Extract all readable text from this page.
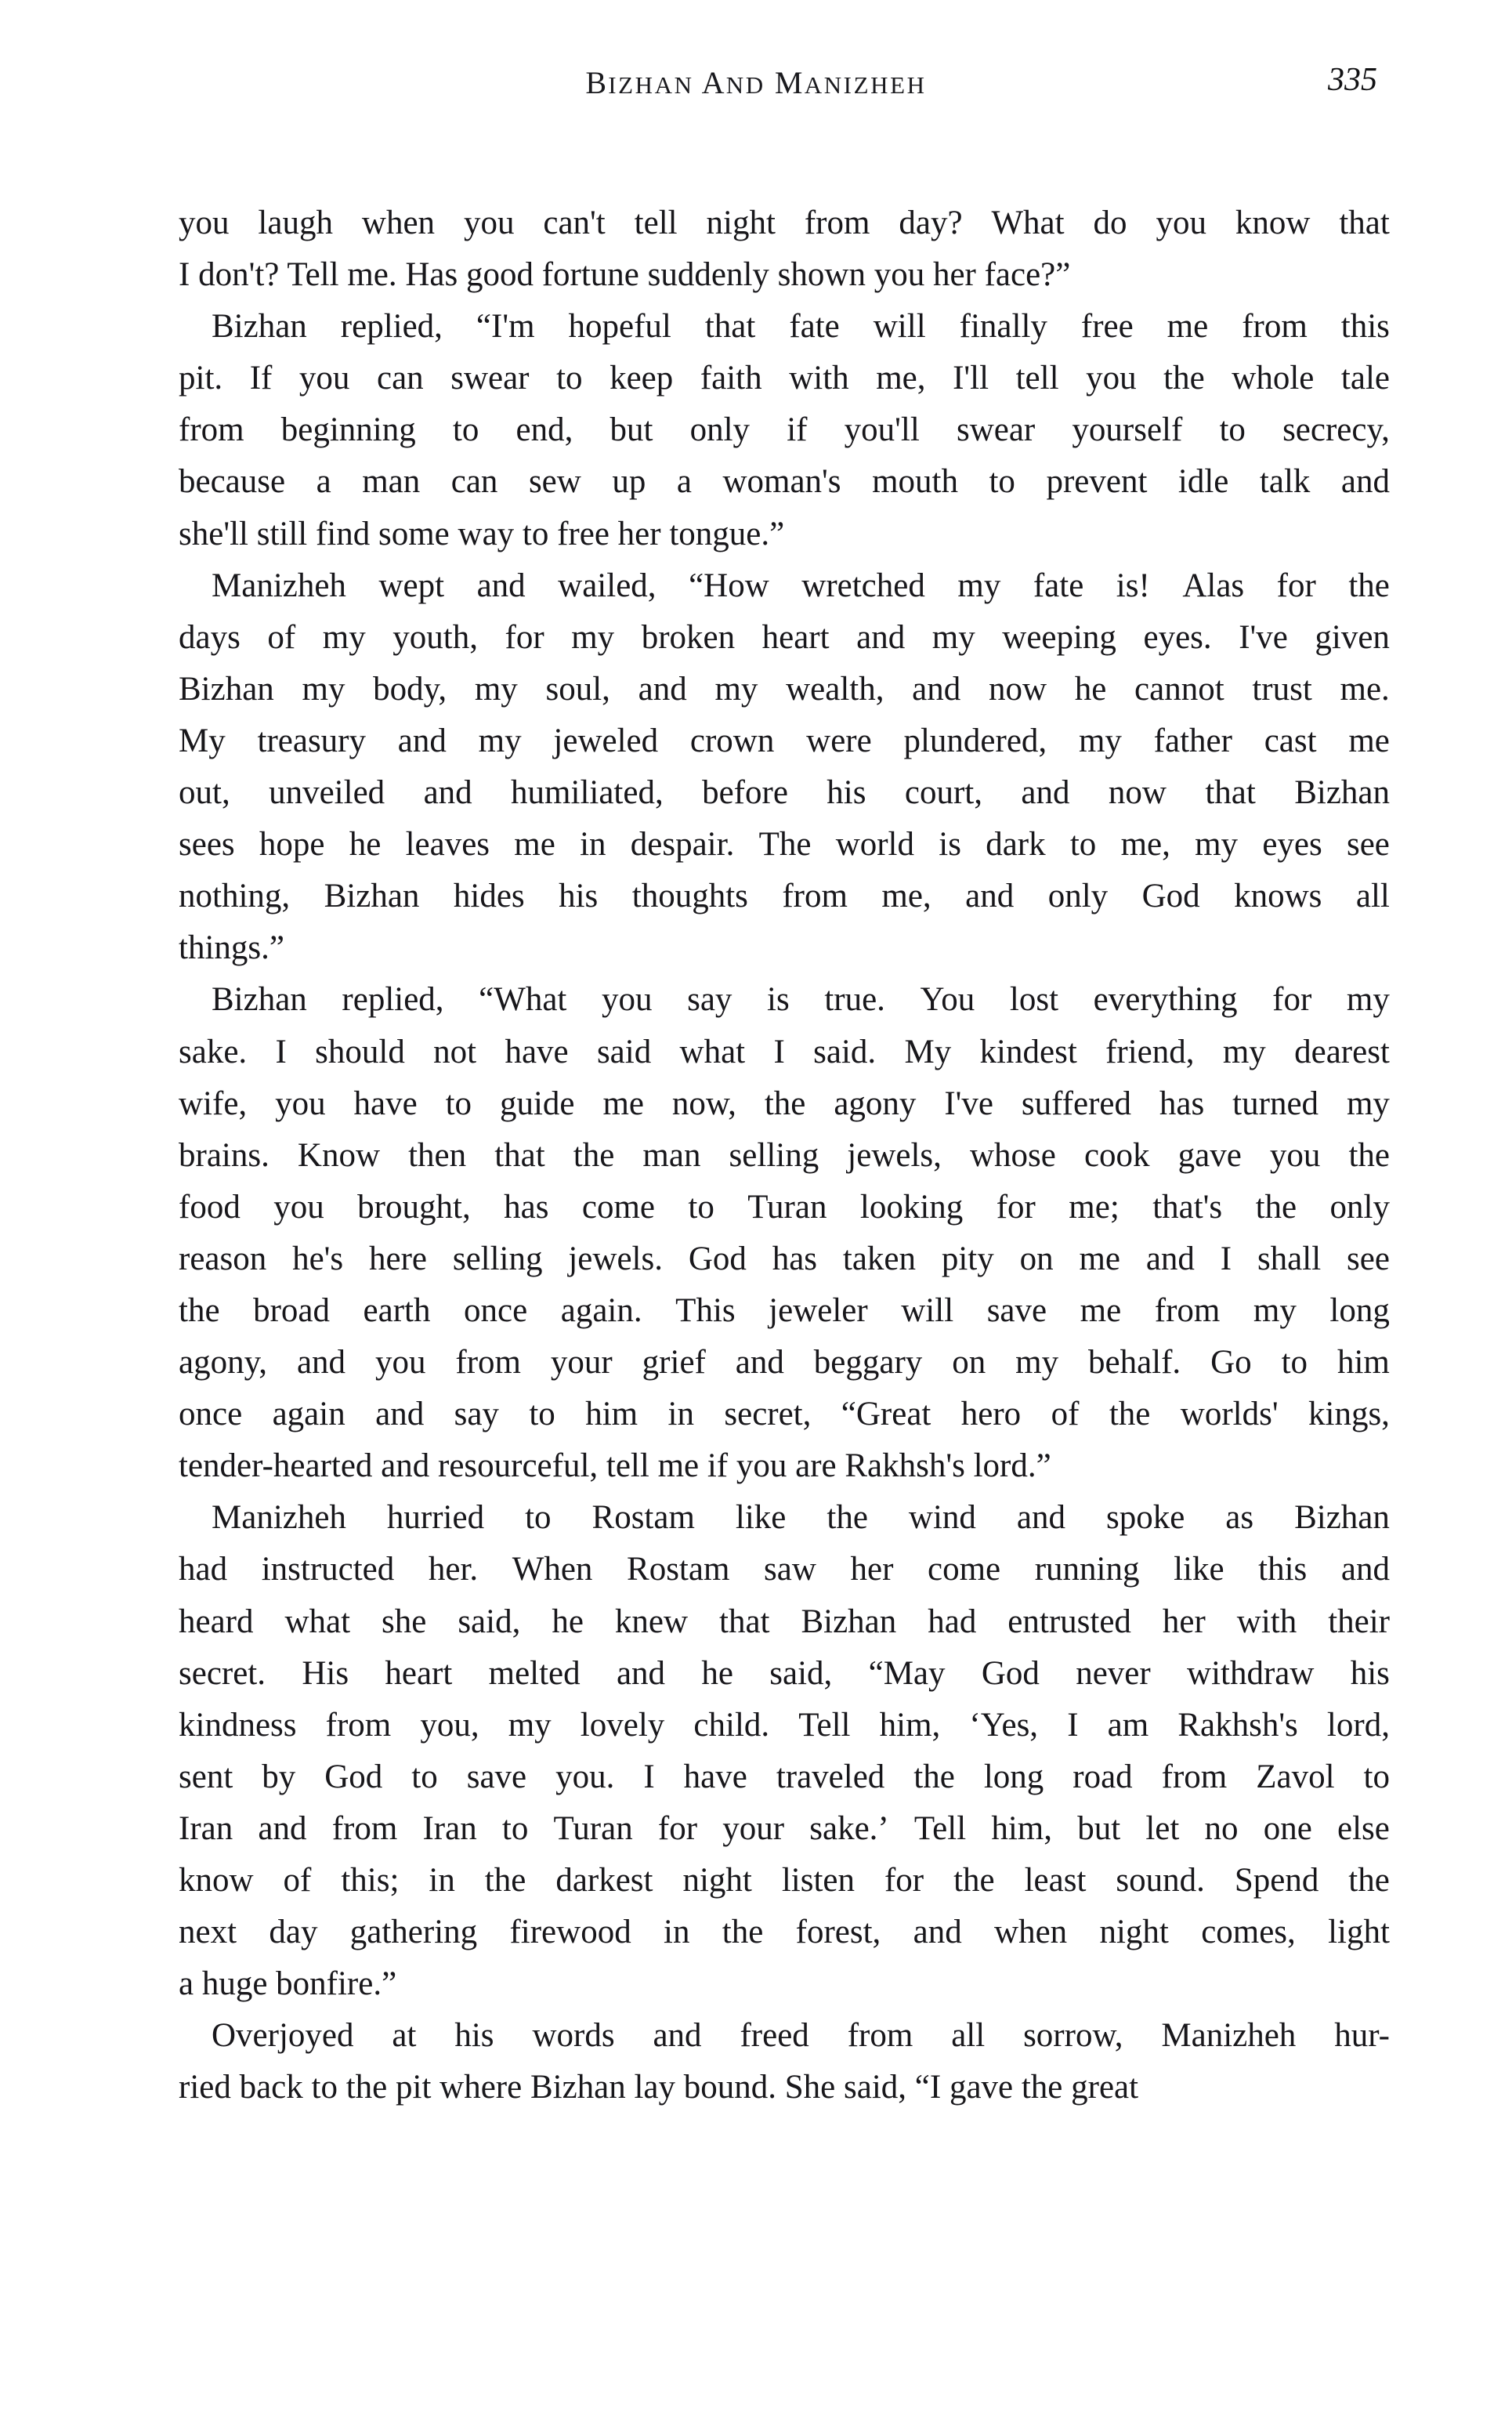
BIZHAN AND MANIZHEH	335
you laugh when you can't tell night from day? What do you know that
I don't? Tell me. Has good fortune suddenly shown you her face?”
Bizhan replied, “I'm hopeful that fate will finally free me from this
pit. If you can swear to keep faith with me, I'll tell you the whole tale
from beginning to end, but only if you'll swear yourself to secrecy,
because a man can sew up a woman's mouth to prevent idle talk and
she'll still find some way to free her tongue.”
Manizheh wept and wailed, “How wretched my fate is! Alas for the
days of my youth, for my broken heart and my weeping eyes. I've given
Bizhan my body, my soul, and my wealth, and now he cannot trust me.
My treasury and my jeweled crown were plundered, my father cast me
out, unveiled and humiliated, before his court, and now that Bizhan
sees hope he leaves me in despair. The world is dark to me, my eyes see
nothing, Bizhan hides his thoughts from me, and only God knows all
things.”
Bizhan replied, “What you say is true. You lost everything for my
sake. I should not have said what I said. My kindest friend, my dearest
wife, you have to guide me now, the agony I've suffered has turned my
brains. Know then that the man selling jewels, whose cook gave you the
food you brought, has come to Turan looking for me; that's the only
reason he's here selling jewels. God has taken pity on me and I shall see
the broad earth once again. This jeweler will save me from my long
agony, and you from your grief and beggary on my behalf. Go to him
once again and say to him in secret, “Great hero of the worlds' kings,
tender-hearted and resourceful, tell me if you are Rakhsh's lord.”
Manizheh hurried to Rostam like the wind and spoke as Bizhan
had instructed her. When Rostam saw her come running like this and
heard what she said, he knew that Bizhan had entrusted her with their
secret. His heart melted and he said, “May God never withdraw his
kindness from you, my lovely child. Tell him, ‘Yes, I am Rakhsh's lord,
sent by God to save you. I have traveled the long road from Zavol to
Iran and from Iran to Turan for your sake.’ Tell him, but let no one else
know of this; in the darkest night listen for the least sound. Spend the
next day gathering firewood in the forest, and when night comes, light
a huge bonfire.”
Overjoyed at his words and freed from all sorrow, Manizheh hur-
ried back to the pit where Bizhan lay bound. She said, “I gave the great
